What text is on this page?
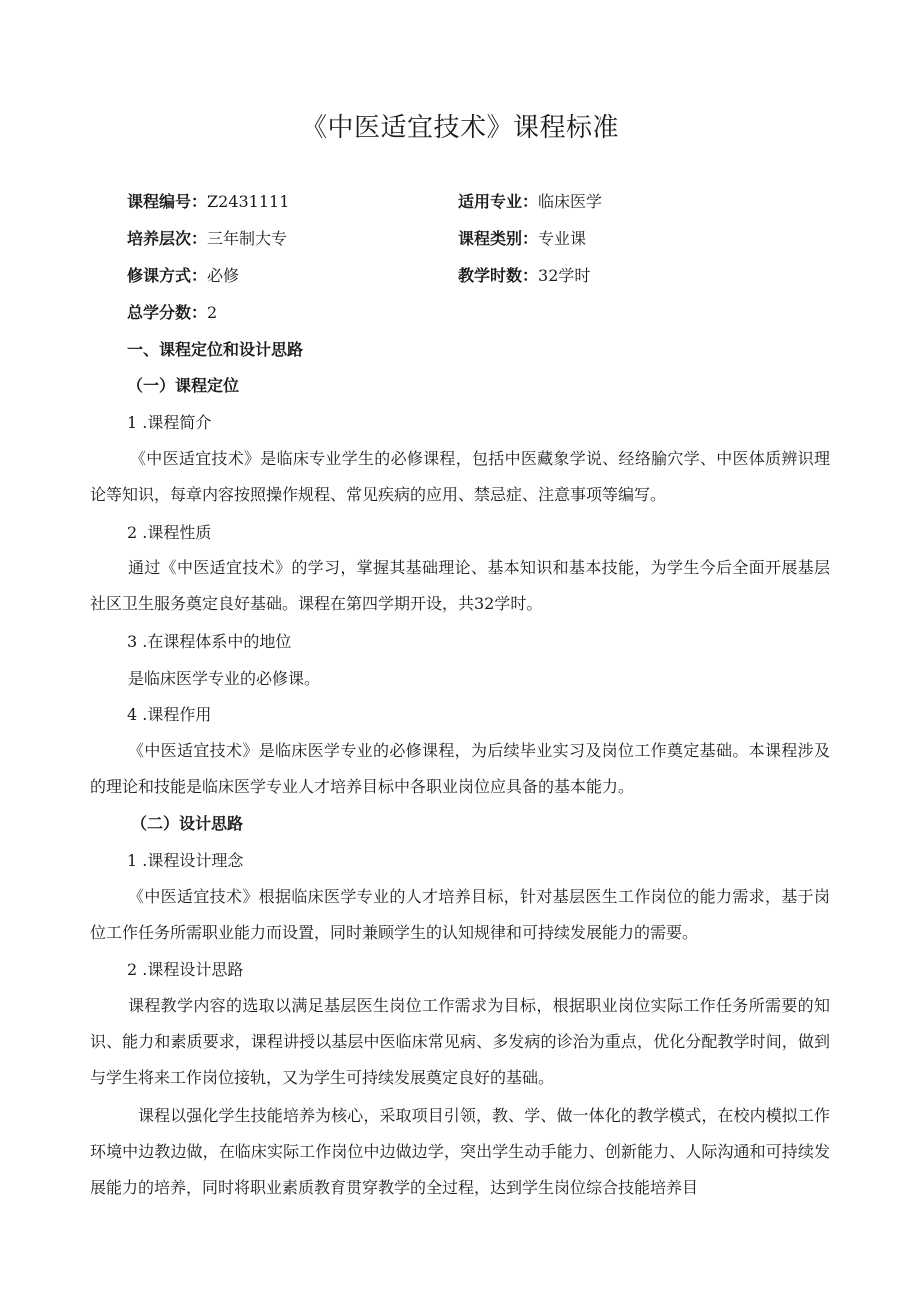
《中医适宜技术》课程标准
课程编号：Z2431111	适用专业：临床医学
培养层次：三年制大专	课程类别：专业课
修课方式：必修	教学时数：32学时
总学分数：2
一、课程定位和设计思路
（一）课程定位
1 .课程简介
《中医适宜技术》是临床专业学生的必修课程，包括中医藏象学说、经络腧穴学、中医体质辨识理论等知识，每章内容按照操作规程、常见疾病的应用、禁忌症、注意事项等编写。
2 .课程性质
通过《中医适宜技术》的学习，掌握其基础理论、基本知识和基本技能，为学生今后全面开展基层社区卫生服务奠定良好基础。课程在第四学期开设，共32学时。
3 .在课程体系中的地位
是临床医学专业的必修课。
4 .课程作用
《中医适宜技术》是临床医学专业的必修课程，为后续毕业实习及岗位工作奠定基础。本课程涉及的理论和技能是临床医学专业人才培养目标中各职业岗位应具备的基本能力。
（二）设计思路
1 .课程设计理念
《中医适宜技术》根据临床医学专业的人才培养目标，针对基层医生工作岗位的能力需求，基于岗位工作任务所需职业能力而设置，同时兼顾学生的认知规律和可持续发展能力的需要。
2 .课程设计思路
课程教学内容的选取以满足基层医生岗位工作需求为目标，根据职业岗位实际工作任务所需要的知识、能力和素质要求，课程讲授以基层中医临床常见病、多发病的诊治为重点，优化分配教学时间，做到与学生将来工作岗位接轨，又为学生可持续发展奠定良好的基础。
课程以强化学生技能培养为核心，采取项目引领，教、学、做一体化的教学模式，在校内模拟工作环境中边教边做，在临床实际工作岗位中边做边学，突出学生动手能力、创新能力、人际沟通和可持续发展能力的培养，同时将职业素质教育贯穿教学的全过程，达到学生岗位综合技能培养目
